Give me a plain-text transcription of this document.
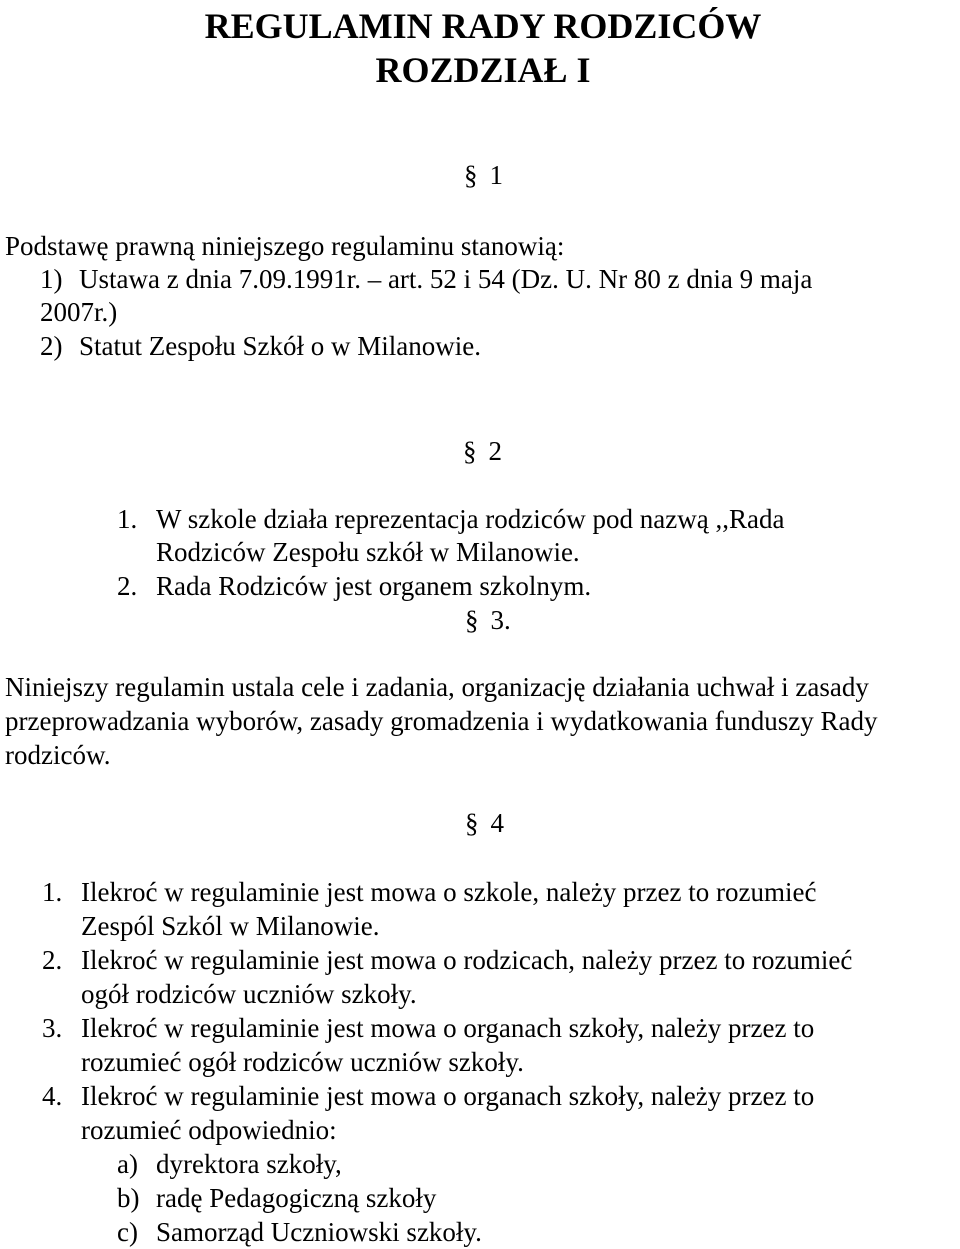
REGULAMIN RADY RODZICÓW
ROZDZIAŁ I
§ 1
Podstawę prawną niniejszego regulaminu stanowią:
1) Ustawa z dnia 7.09.1991r. – art. 52 i 54 (Dz. U. Nr 80 z dnia 9 maja
2007r.)
2) Statut Zespołu Szkół o w Milanowie.
§ 2
1. W szkole działa reprezentacja rodziców pod nazwą ,,Rada
Rodziców Zespołu szkół w Milanowie.
2. Rada Rodziców jest organem szkolnym.
§ 3.
Niniejszy regulamin ustala cele i zadania, organizację działania uchwał i zasady
przeprowadzania wyborów, zasady gromadzenia i wydatkowania funduszy Rady
rodziców.
§ 4
1. Ilekroć w regulaminie jest mowa o szkole, należy przez to rozumieć
Zespól Szkól w Milanowie.
2. Ilekroć w regulaminie jest mowa o rodzicach, należy przez to rozumieć
ogół rodziców uczniów szkoły.
3. Ilekroć w regulaminie jest mowa o organach szkoły, należy przez to
rozumieć ogół rodziców uczniów szkoły.
4. Ilekroć w regulaminie jest mowa o organach szkoły, należy przez to
rozumieć odpowiednio:
a) dyrektora szkoły,
b) radę Pedagogiczną szkoły
c) Samorząd Uczniowski szkoły.
